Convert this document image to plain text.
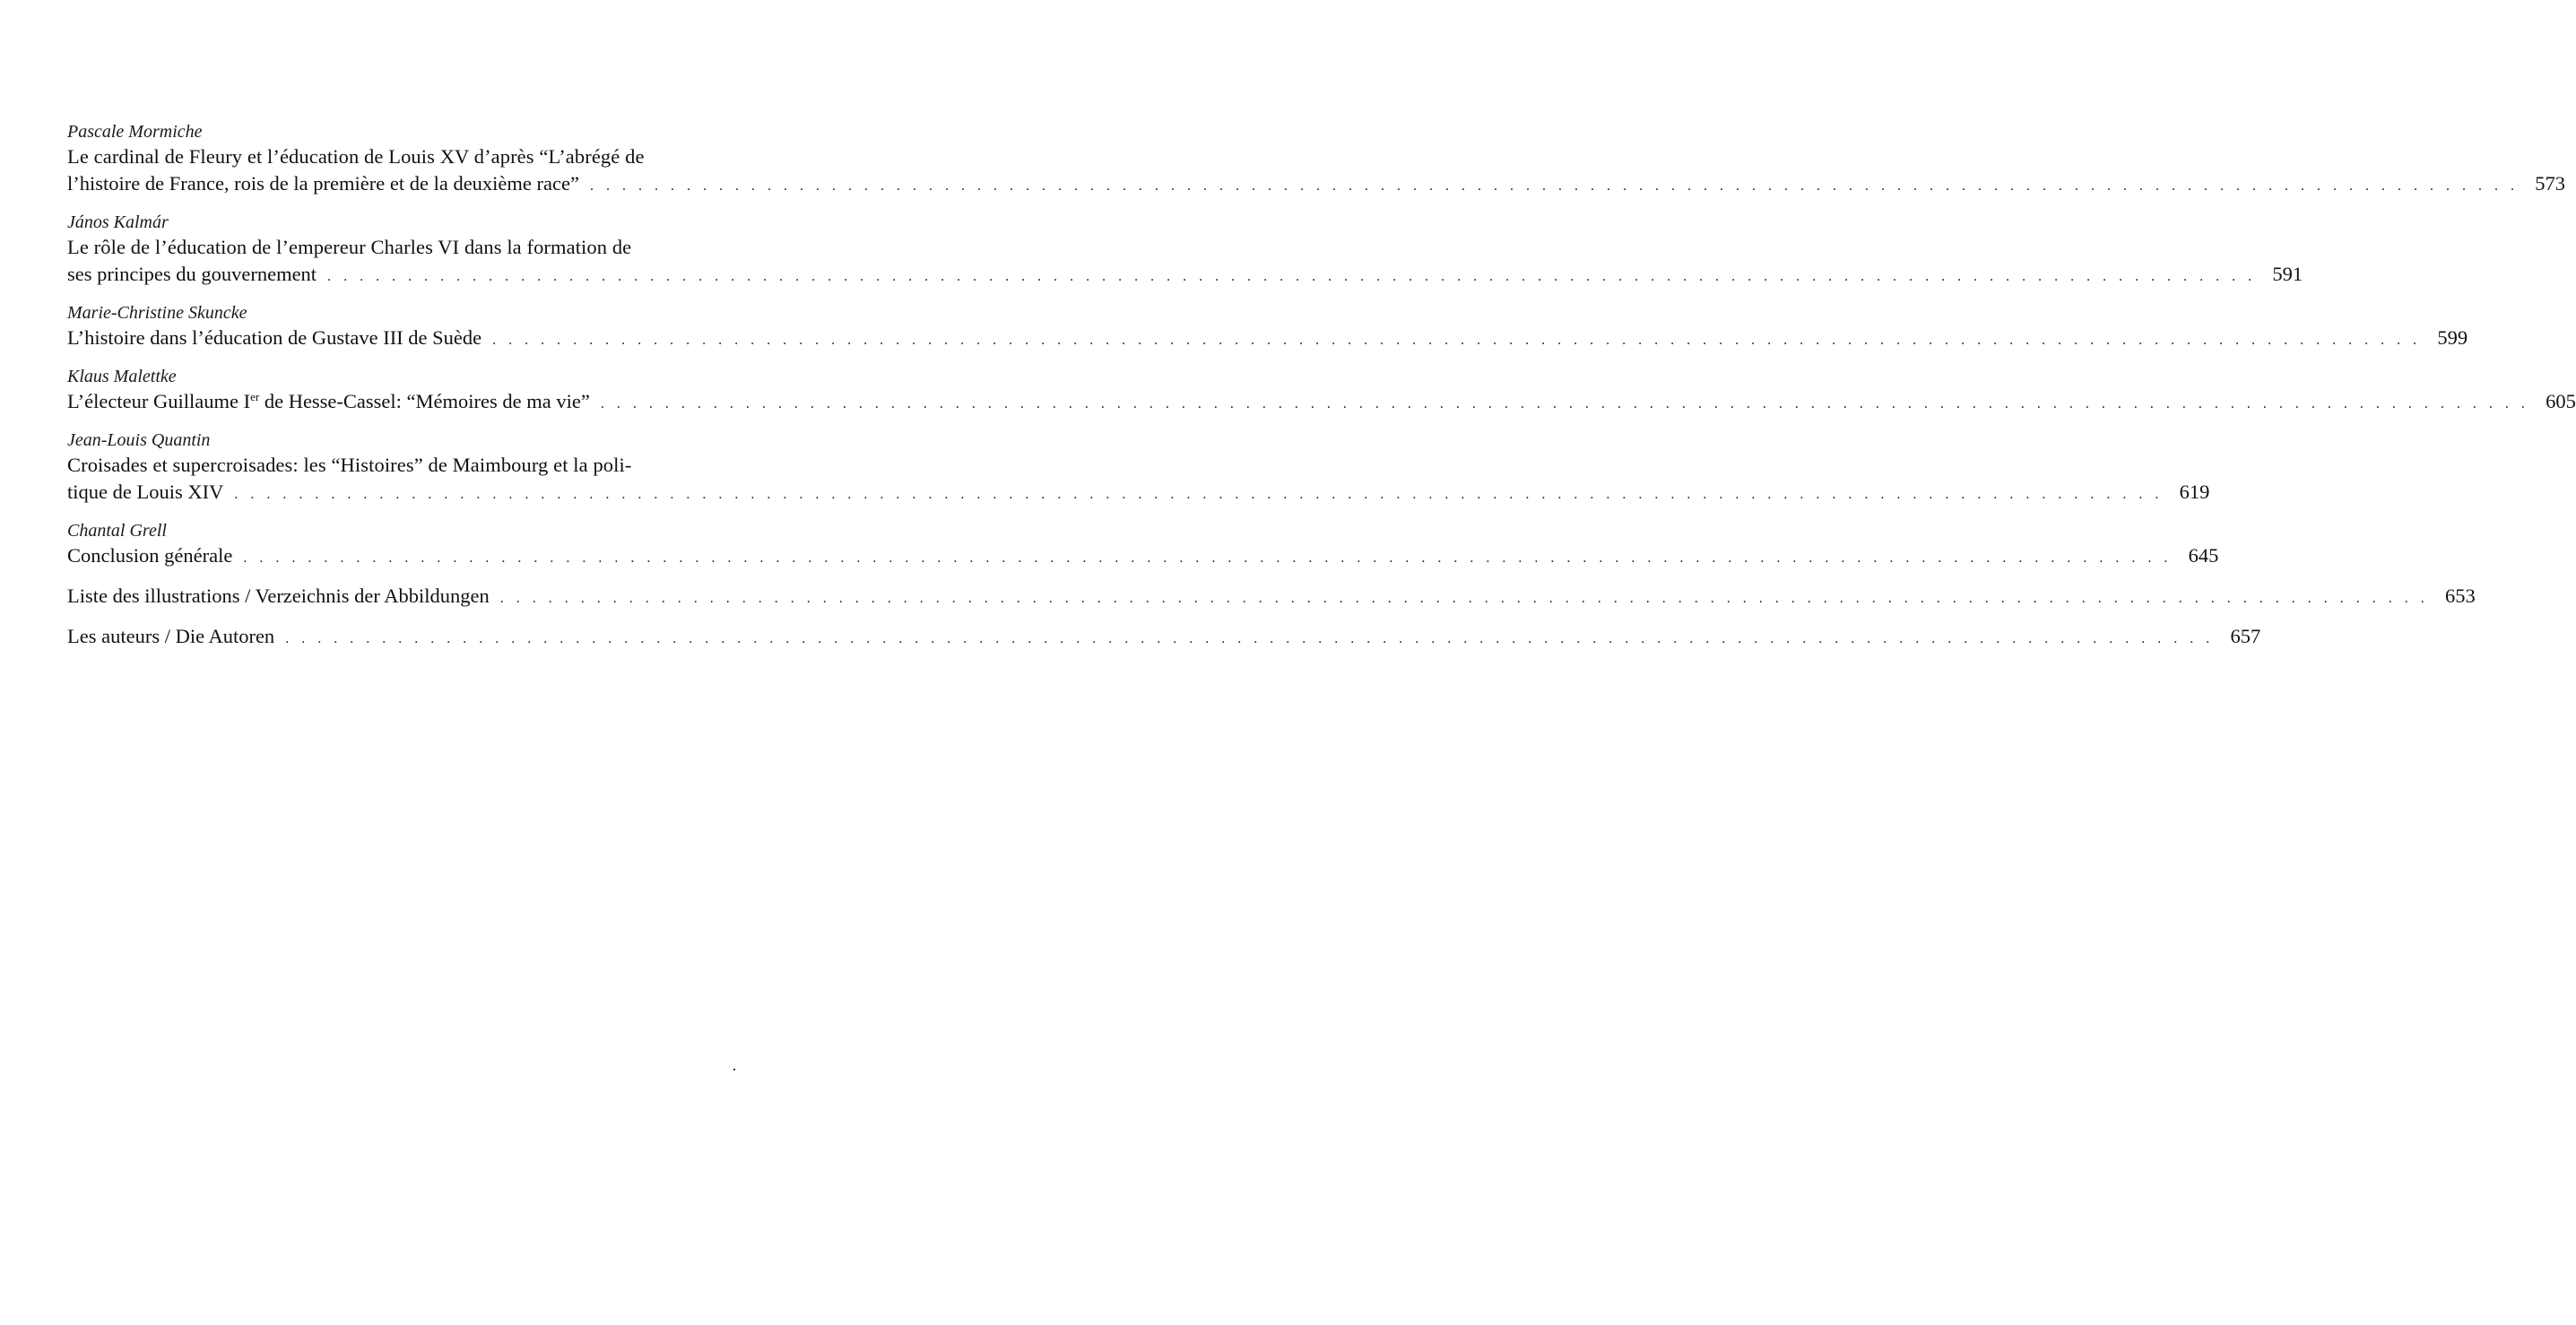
Pascale Mormiche
Le cardinal de Fleury et l’éducation de Louis XV d’après “L’abrégé de
l’histoire de France, rois de la première et de la deuxième race” . . . . . . . . . . . . . . . . . . . . . . . . . . . . . . . . . . . . . . . . . . . . . . . . . . . . . . . . . . . . . . . . . . . . . . . . . . . . . . . . . . . . . . . . . . . . . . . . . . . . . . . . . . . . . . . . . . . . . . . . 573
János Kalmár
Le rôle de l’éducation de l’empereur Charles VI dans la formation de
ses principes du gouvernement . . . . . . . . . . . . . . . . . . . . . . . . . . . . . . . . . . . . . . . . . . . . . . . . . . . . . . . . . . . . . . . . . . . . . . . . . . . . . . . . . . . . . . . . . . . . . . . . . . . . . . . . . . . . . . . . . . . . . . . . 591
Marie-Christine Skuncke
L’histoire dans l’éducation de Gustave III de Suède . . . . . . . . . . . . . . . . . . . . . . . . . . . . . . . . . . . . . . . . . . . . . . . . . . . . . . . . . . . . . . . . . . . . . . . . . . . . . . . . . . . . . . . . . . . . . . . . . . . . . . . . . . . . . . . . . . . . . . . . 599
Klaus Malettke
L’électeur Guillaume Ier de Hesse-Cassel: “Mémoires de ma vie” . . . . . . . . . . . . . . . . . . . . . . . . . . . . . . . . . . . . . . . . . . . . . . . . . . . . . . . . . . . . . . . . . . . . . . . . . . . . . . . . . . . . . . . . . . . . . . . . . . . . . . . . . . . . . . . . . . . . . . . . 605
Jean-Louis Quantin
Croisades et supercroisades: les “Histoires” de Maimbourg et la poli-
tique de Louis XIV . . . . . . . . . . . . . . . . . . . . . . . . . . . . . . . . . . . . . . . . . . . . . . . . . . . . . . . . . . . . . . . . . . . . . . . . . . . . . . . . . . . . . . . . . . . . . . . . . . . . . . . . . . . . . . . . . . . . . . . . 619
Chantal Grell
Conclusion générale . . . . . . . . . . . . . . . . . . . . . . . . . . . . . . . . . . . . . . . . . . . . . . . . . . . . . . . . . . . . . . . . . . . . . . . . . . . . . . . . . . . . . . . . . . . . . . . . . . . . . . . . . . . . . . . . . . . . . . . . 645
Liste des illustrations / Verzeichnis der Abbildungen . . . . . . . . . . . . . . . . . . . . . . . . . . . . . . . . . . . . . . . . . . . . . . . . . . . . . . . . . . . . . . . . . . . . . . . . . . . . . . . . . . . . . . . . . . . . . . . . . . . . . . . . . . . . . . . . . . . . . . . . 653
Les auteurs / Die Autoren . . . . . . . . . . . . . . . . . . . . . . . . . . . . . . . . . . . . . . . . . . . . . . . . . . . . . . . . . . . . . . . . . . . . . . . . . . . . . . . . . . . . . . . . . . . . . . . . . . . . . . . . . . . . . . . . . . . . . . . . 657
